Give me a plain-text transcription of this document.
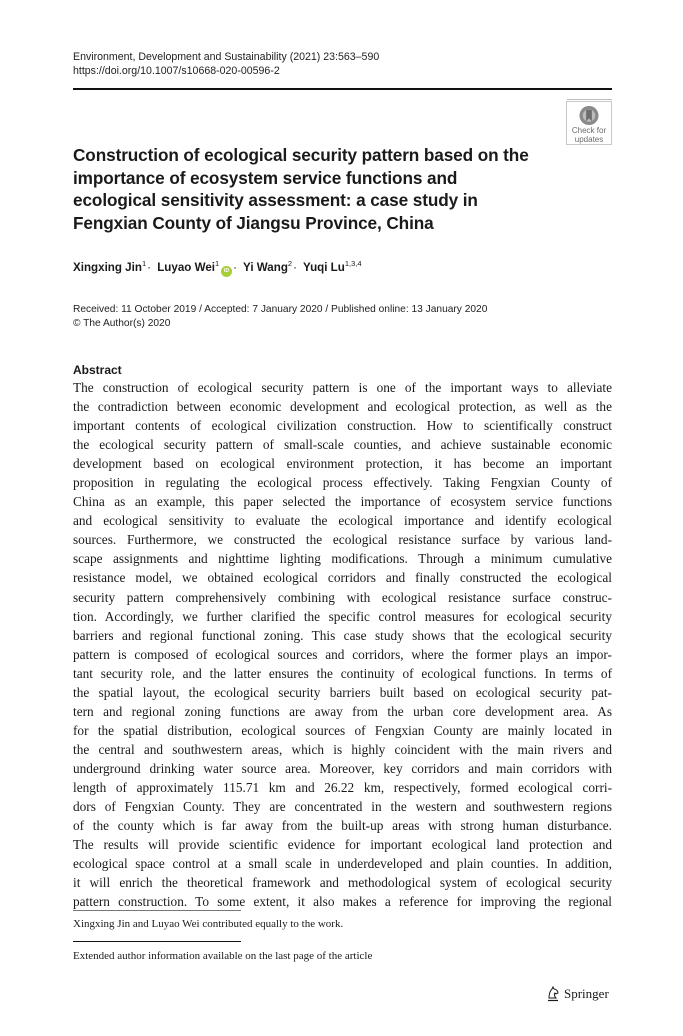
Environment, Development and Sustainability (2021) 23:563–590
https://doi.org/10.1007/s10668-020-00596-2
Check for
updates
Construction of ecological security pattern based on the importance of ecosystem service functions and ecological sensitivity assessment: a case study in Fengxian County of Jiangsu Province, China
Xingxing Jin$^1$· Luyao Wei$^1$iD · Yi Wang$^2$· Yuqi Lu$^{1,3,4}$
Received: 11 October 2019 / Accepted: 7 January 2020 / Published online: 13 January 2020
© The Author(s) 2020
Abstract
The construction of ecological security pattern is one of the important ways to alleviate
the contradiction between economic development and ecological protection, as well as the
important contents of ecological civilization construction. How to scientifically construct
the ecological security pattern of small-scale counties, and achieve sustainable economic
development based on ecological environment protection, it has become an important
proposition in regulating the ecological process effectively. Taking Fengxian County of
China as an example, this paper selected the importance of ecosystem service functions
and ecological sensitivity to evaluate the ecological importance and identify ecological
sources. Furthermore, we constructed the ecological resistance surface by various land-
scape assignments and nighttime lighting modifications. Through a minimum cumulative
resistance model, we obtained ecological corridors and finally constructed the ecological
security pattern comprehensively combining with ecological resistance surface construc-
tion. Accordingly, we further clarified the specific control measures for ecological security
barriers and regional functional zoning. This case study shows that the ecological security
pattern is composed of ecological sources and corridors, where the former plays an impor-
tant security role, and the latter ensures the continuity of ecological functions. In terms of
the spatial layout, the ecological security barriers built based on ecological security pat-
tern and regional zoning functions are away from the urban core development area. As
for the spatial distribution, ecological sources of Fengxian County are mainly located in
the central and southwestern areas, which is highly coincident with the main rivers and
underground drinking water source area. Moreover, key corridors and main corridors with
length of approximately 115.71 km and 26.22 km, respectively, formed ecological corri-
dors of Fengxian County. They are concentrated in the western and southwestern regions
of the county which is far away from the built-up areas with strong human disturbance.
The results will provide scientific evidence for important ecological land protection and
ecological space control at a small scale in underdeveloped and plain counties. In addition,
it will enrich the theoretical framework and methodological system of ecological security
pattern construction. To some extent, it also makes a reference for improving the regional
Xingxing Jin and Luyao Wei contributed equally to the work.
Extended author information available on the last page of the article
Springer
